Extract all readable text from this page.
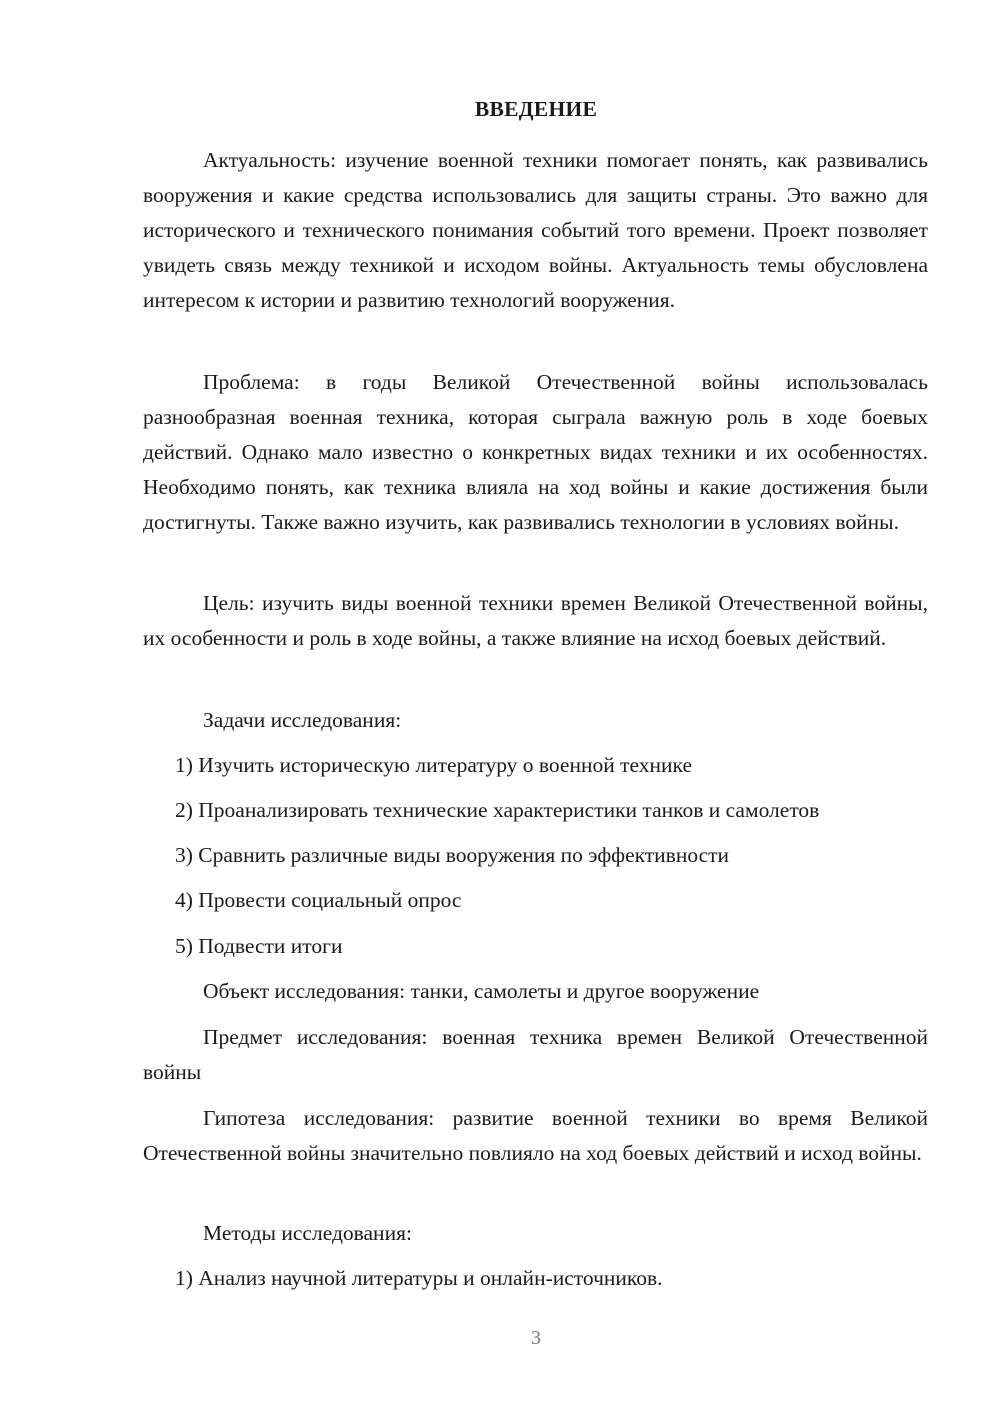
ВВЕДЕНИЕ

Актуальность: изучение военной техники помогает понять, как развивались вооружения и какие средства использовались для защиты страны. Это важно для исторического и технического понимания событий того времени. Проект позволяет увидеть связь между техникой и исходом войны. Актуальность темы обусловлена интересом к истории и развитию технологий вооружения.

Проблема: в годы Великой Отечественной войны использовалась разнообразная военная техника, которая сыграла важную роль в ходе боевых действий. Однако мало известно о конкретных видах техники и их особенностях. Необходимо понять, как техника влияла на ход войны и какие достижения были достигнуты. Также важно изучить, как развивались технологии в условиях войны.

Цель: изучить виды военной техники времен Великой Отечественной войны, их особенности и роль в ходе войны, а также влияние на исход боевых действий.

Задачи исследования:

1) Изучить историческую литературу о военной технике

2) Проанализировать технические характеристики танков и самолетов

3) Сравнить различные виды вооружения по эффективности

4) Провести социальный опрос

5) Подвести итоги

Объект исследования: танки, самолеты и другое вооружение

Предмет исследования: военная техника времен Великой Отечественной войны

Гипотеза исследования: развитие военной техники во время Великой Отечественной войны значительно повлияло на ход боевых действий и исход войны.

Методы исследования:

1) Анализ научной литературы и онлайн-источников.

3
